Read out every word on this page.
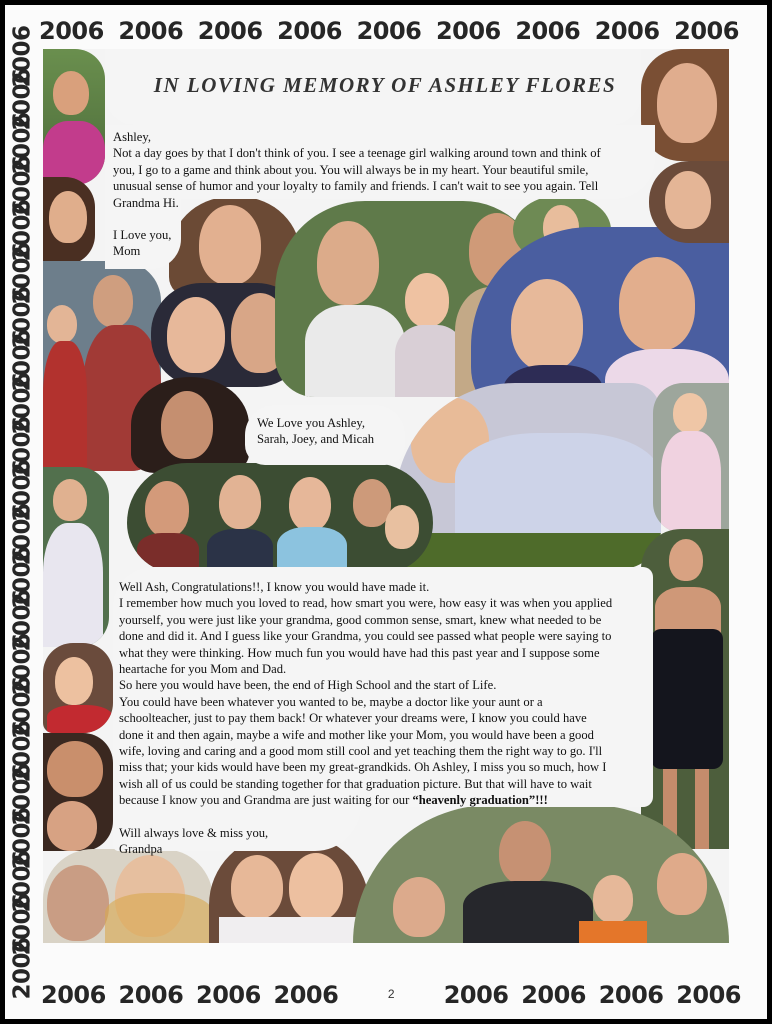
2006 2006 2006 2006 2006 2006 2006 2006 2006
2006
2006
2006
2006
2006
2006
2006
2006
2006
2006
2006
2006
2006
2006
2006
2006
2006
2006
2006
2006
2006
2006 2006 2006 2006 2006	2	2006 2006 2006 2006
IN LOVING MEMORY OF ASHLEY FLORES

Ashley,

Not a day goes by that I don't think of you. I see a teenage girl walking around town and think of

you, I go to a game and think about you. You will always be in my heart. Your beautiful smile,

unusual sense of humor and your loyalty to family and friends. I can't wait to see you again. Tell

Grandma Hi.

I Love you,

Mom

We Love you Ashley,

Sarah, Joey, and Micah

Well Ash, Congratulations!!, I know you would have made it.

I remember how much you loved to read, how smart you were, how easy it was when you applied

yourself, you were just like your grandma, good common sense, smart, knew what needed to be

done and did it. And I guess like your Grandma, you could see passed what people were saying to

what they were thinking. How much fun you would have had this past year and I suppose some

heartache for you Mom and Dad.

So here you would have been, the end of High School and the start of Life.

You could have been whatever you wanted to be, maybe a doctor like your aunt or a

schoolteacher, just to pay them back! Or whatever your dreams were, I know you could have

done it and then again, maybe a wife and mother like your Mom, you would have been a good

wife, loving and caring and a good mom still cool and yet teaching them the right way to go. I'll

miss that; your kids would have been my great-grandkids. Oh Ashley, I miss you so much, how I

wish all of us could be standing together for that graduation picture. But that will have to wait

because I know you and Grandma are just waiting for our “heavenly graduation”!!!

Will always love & miss you,

Grandpa
